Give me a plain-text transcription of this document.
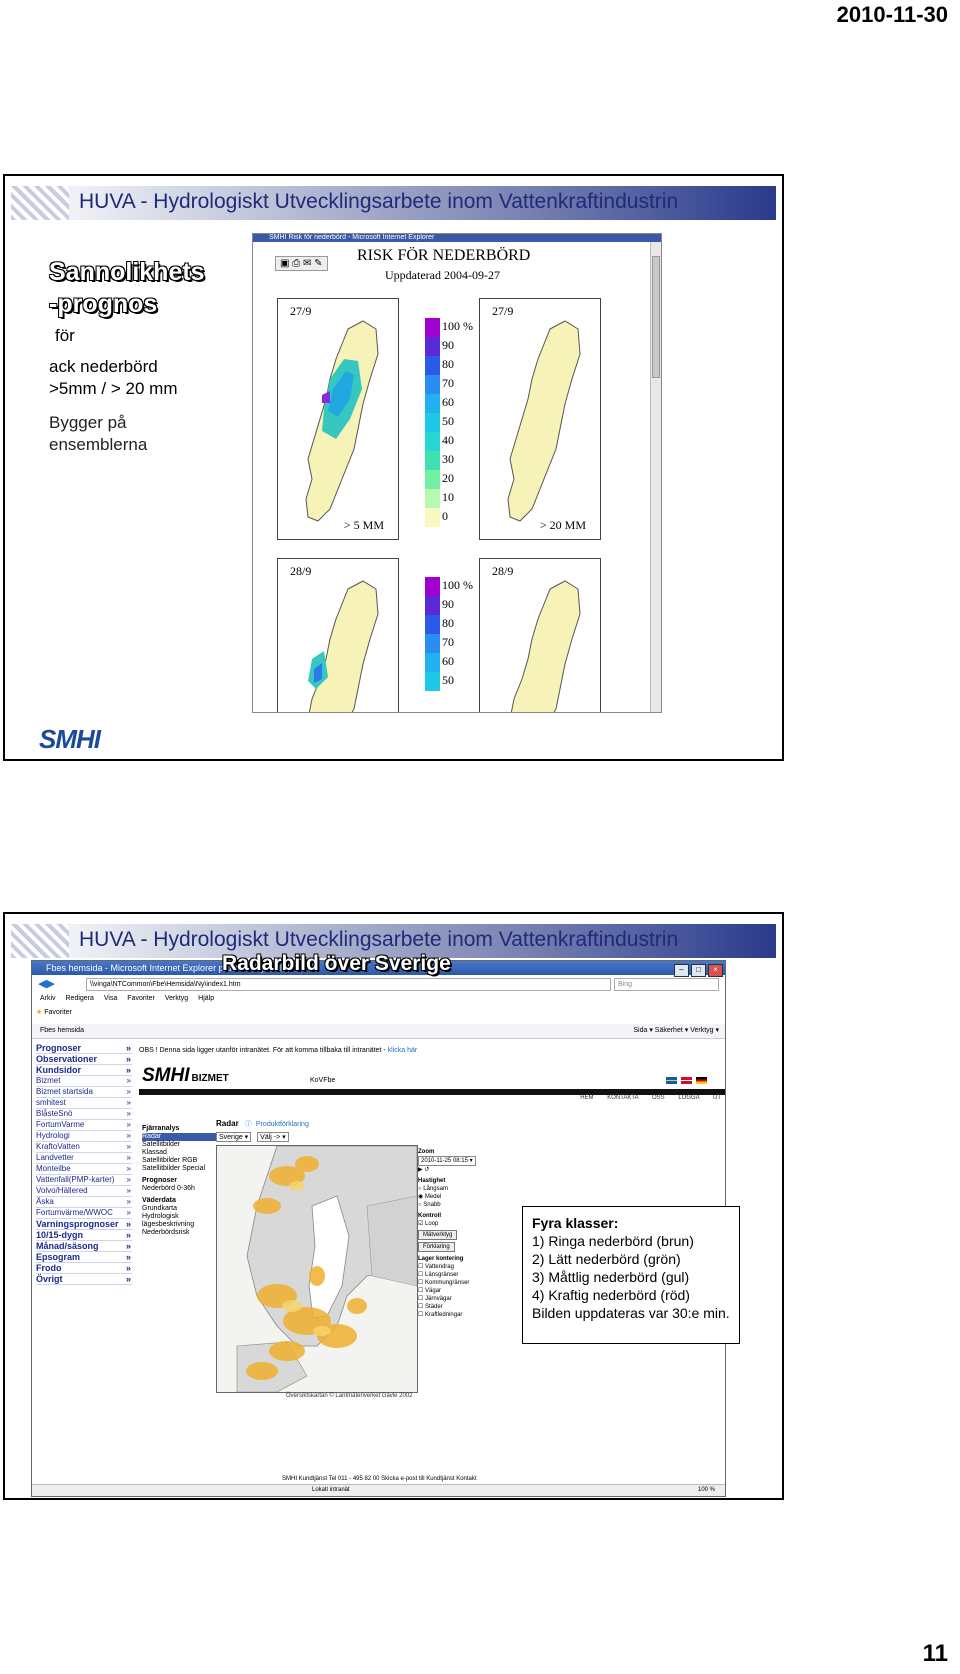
2010-11-30
HUVA - Hydrologiskt Utvecklingsarbete inom Vattenkraftindustrin
Sannolikhets
-prognos
för
ack nederbörd
>5mm / > 20 mm
Bygger på
ensemblerna
SMHI Risk för nederbörd - Microsoft Internet Explorer
▣ ⎙ ✉ ✎	RISK FÖR NEDERBÖRD
Uppdaterad 2004-09-27
27/9
> 5 MM
100 %
90
80
70
60
50
40
30
20
10
0
27/9
> 20 MM
28/9
100 %
90
80
70
60
50
28/9
SMHI
HUVA - Hydrologiskt Utvecklingsarbete inom Vattenkraftindustrin
Fbes hemsida - Microsoft Internet Explorer provided by SMHI	– □ ×
◀▶	\\vinga\NTCommon\Fbe\Hemsida\Ny\index1.htm	Bing
Arkiv Redigera Visa Favoriter Verktyg Hjälp
★ Favoriter
Fbes hemsida	Sida ▾ Säkerhet ▾ Verktyg ▾
Prognoser »
Observationer »
Kundsidor »
Bizmet »
Bizmet startsida »
smhitest »
BlåsteSnö »
FortumVarme »
Hydrologi »
KraftoVatten »
Landvetter »
Monteilbe »
Vattenfall(PMP-karter) »
Volvo/Hällered »
Åska »
Fortumvärme/WWOC »
Varningsprognoser »
10/15-dygn »
Månad/säsong »
Epsogram »
Frodo »
Övrigt »
OBS ! Denna sida ligger utanför intranätet. För att komma tillbaka till intranätet - klicka här
SMHI BIZMET	KoVFbe

HEM KONTAKTA OSS LOGGA UT
Fjärranalys
Radar
Satellitbilder
Klassad
Satellitbilder RGB
Satellitbilder Special
Prognoser
Nederbörd 0-36h
Väderdata
Grundkarta
Hydrologisk
lägesbeskrivning
Nederbördsrisk
Radar ⓘ Produktförklaring
Sverige ▾ Välj -> ▾
Översiktskartan © Lantmäteriverket Gävle 2002
Zoom
2010-11-25 08:15 ▾
▶ ↺
Hastighet
○ Långsam
◉ Medel
○ Snabb
Kontroll
☑ Loop
Mätverktyg
Förklaring
Lager kontering
☐ Vattendrag
☐ Länsgränser
☐ Kommungränser
☐ Vägar
☐ Järnvägar
☐ Städer
☐ Kraftledningar
SMHI Kundtjänst Tel 011 - 495 82 00 Skicka e-post till Kundtjänst Kontakt
Lokalt intranät	100 %
Radarbild över Sverige
Fyra klasser:
1) Ringa nederbörd (brun)
2) Lätt nederbörd (grön)
3) Måttlig nederbörd (gul)
4) Kraftig nederbörd (röd)
Bilden uppdateras var 30:e min.
11
